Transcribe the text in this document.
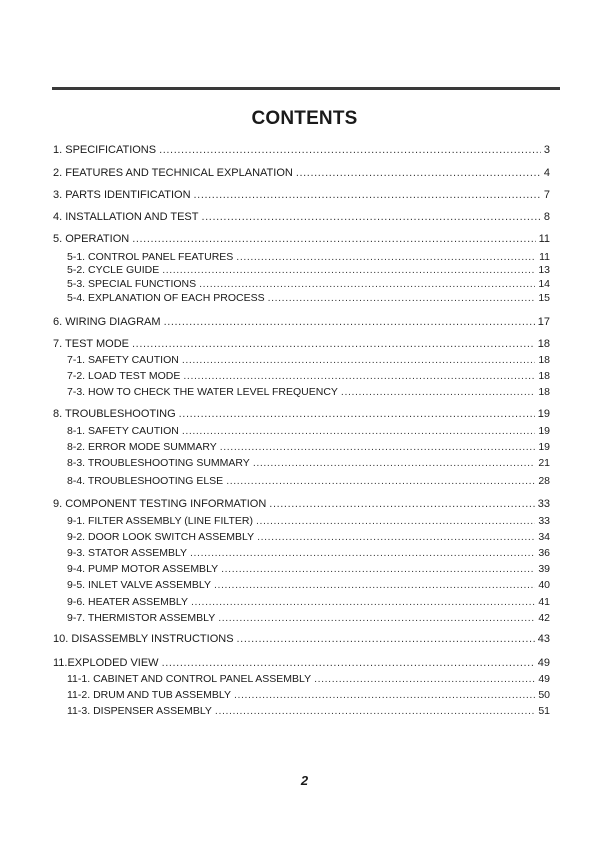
CONTENTS
1. SPECIFICATIONS .....	3
2. FEATURES AND TECHNICAL EXPLANATION .....	4
3. PARTS IDENTIFICATION .....	7
4. INSTALLATION AND TEST .....	8
5. OPERATION .....	11
5-1. CONTROL PANEL FEATURES .....	11
5-2. CYCLE GUIDE .....	13
5-3. SPECIAL FUNCTIONS .....	14
5-4. EXPLANATION OF EACH PROCESS .....	15
6. WIRING DIAGRAM .....	17
7. TEST MODE .....	18
7-1. SAFETY CAUTION .....	18
7-2. LOAD TEST MODE .....	18
7-3. HOW TO CHECK THE WATER LEVEL FREQUENCY .....	18
8. TROUBLESHOOTING .....	19
8-1. SAFETY CAUTION .....	19
8-2. ERROR MODE SUMMARY .....	19
8-3. TROUBLESHOOTING SUMMARY .....	21
8-4. TROUBLESHOOTING ELSE .....	28
9. COMPONENT TESTING INFORMATION .....	33
9-1. FILTER ASSEMBLY (LINE FILTER) .....	33
9-2. DOOR LOOK SWITCH ASSEMBLY .....	34
9-3. STATOR ASSEMBLY .....	36
9-4. PUMP MOTOR ASSEMBLY .....	39
9-5. INLET VALVE ASSEMBLY .....	40
9-6. HEATER ASSEMBLY .....	41
9-7. THERMISTOR ASSEMBLY .....	42
10. DISASSEMBLY INSTRUCTIONS .....	43
11.EXPLODED VIEW .....	49
11-1. CABINET AND CONTROL PANEL ASSEMBLY .....	49
11-2. DRUM AND TUB ASSEMBLY .....	50
11-3. DISPENSER ASSEMBLY .....	51
2
